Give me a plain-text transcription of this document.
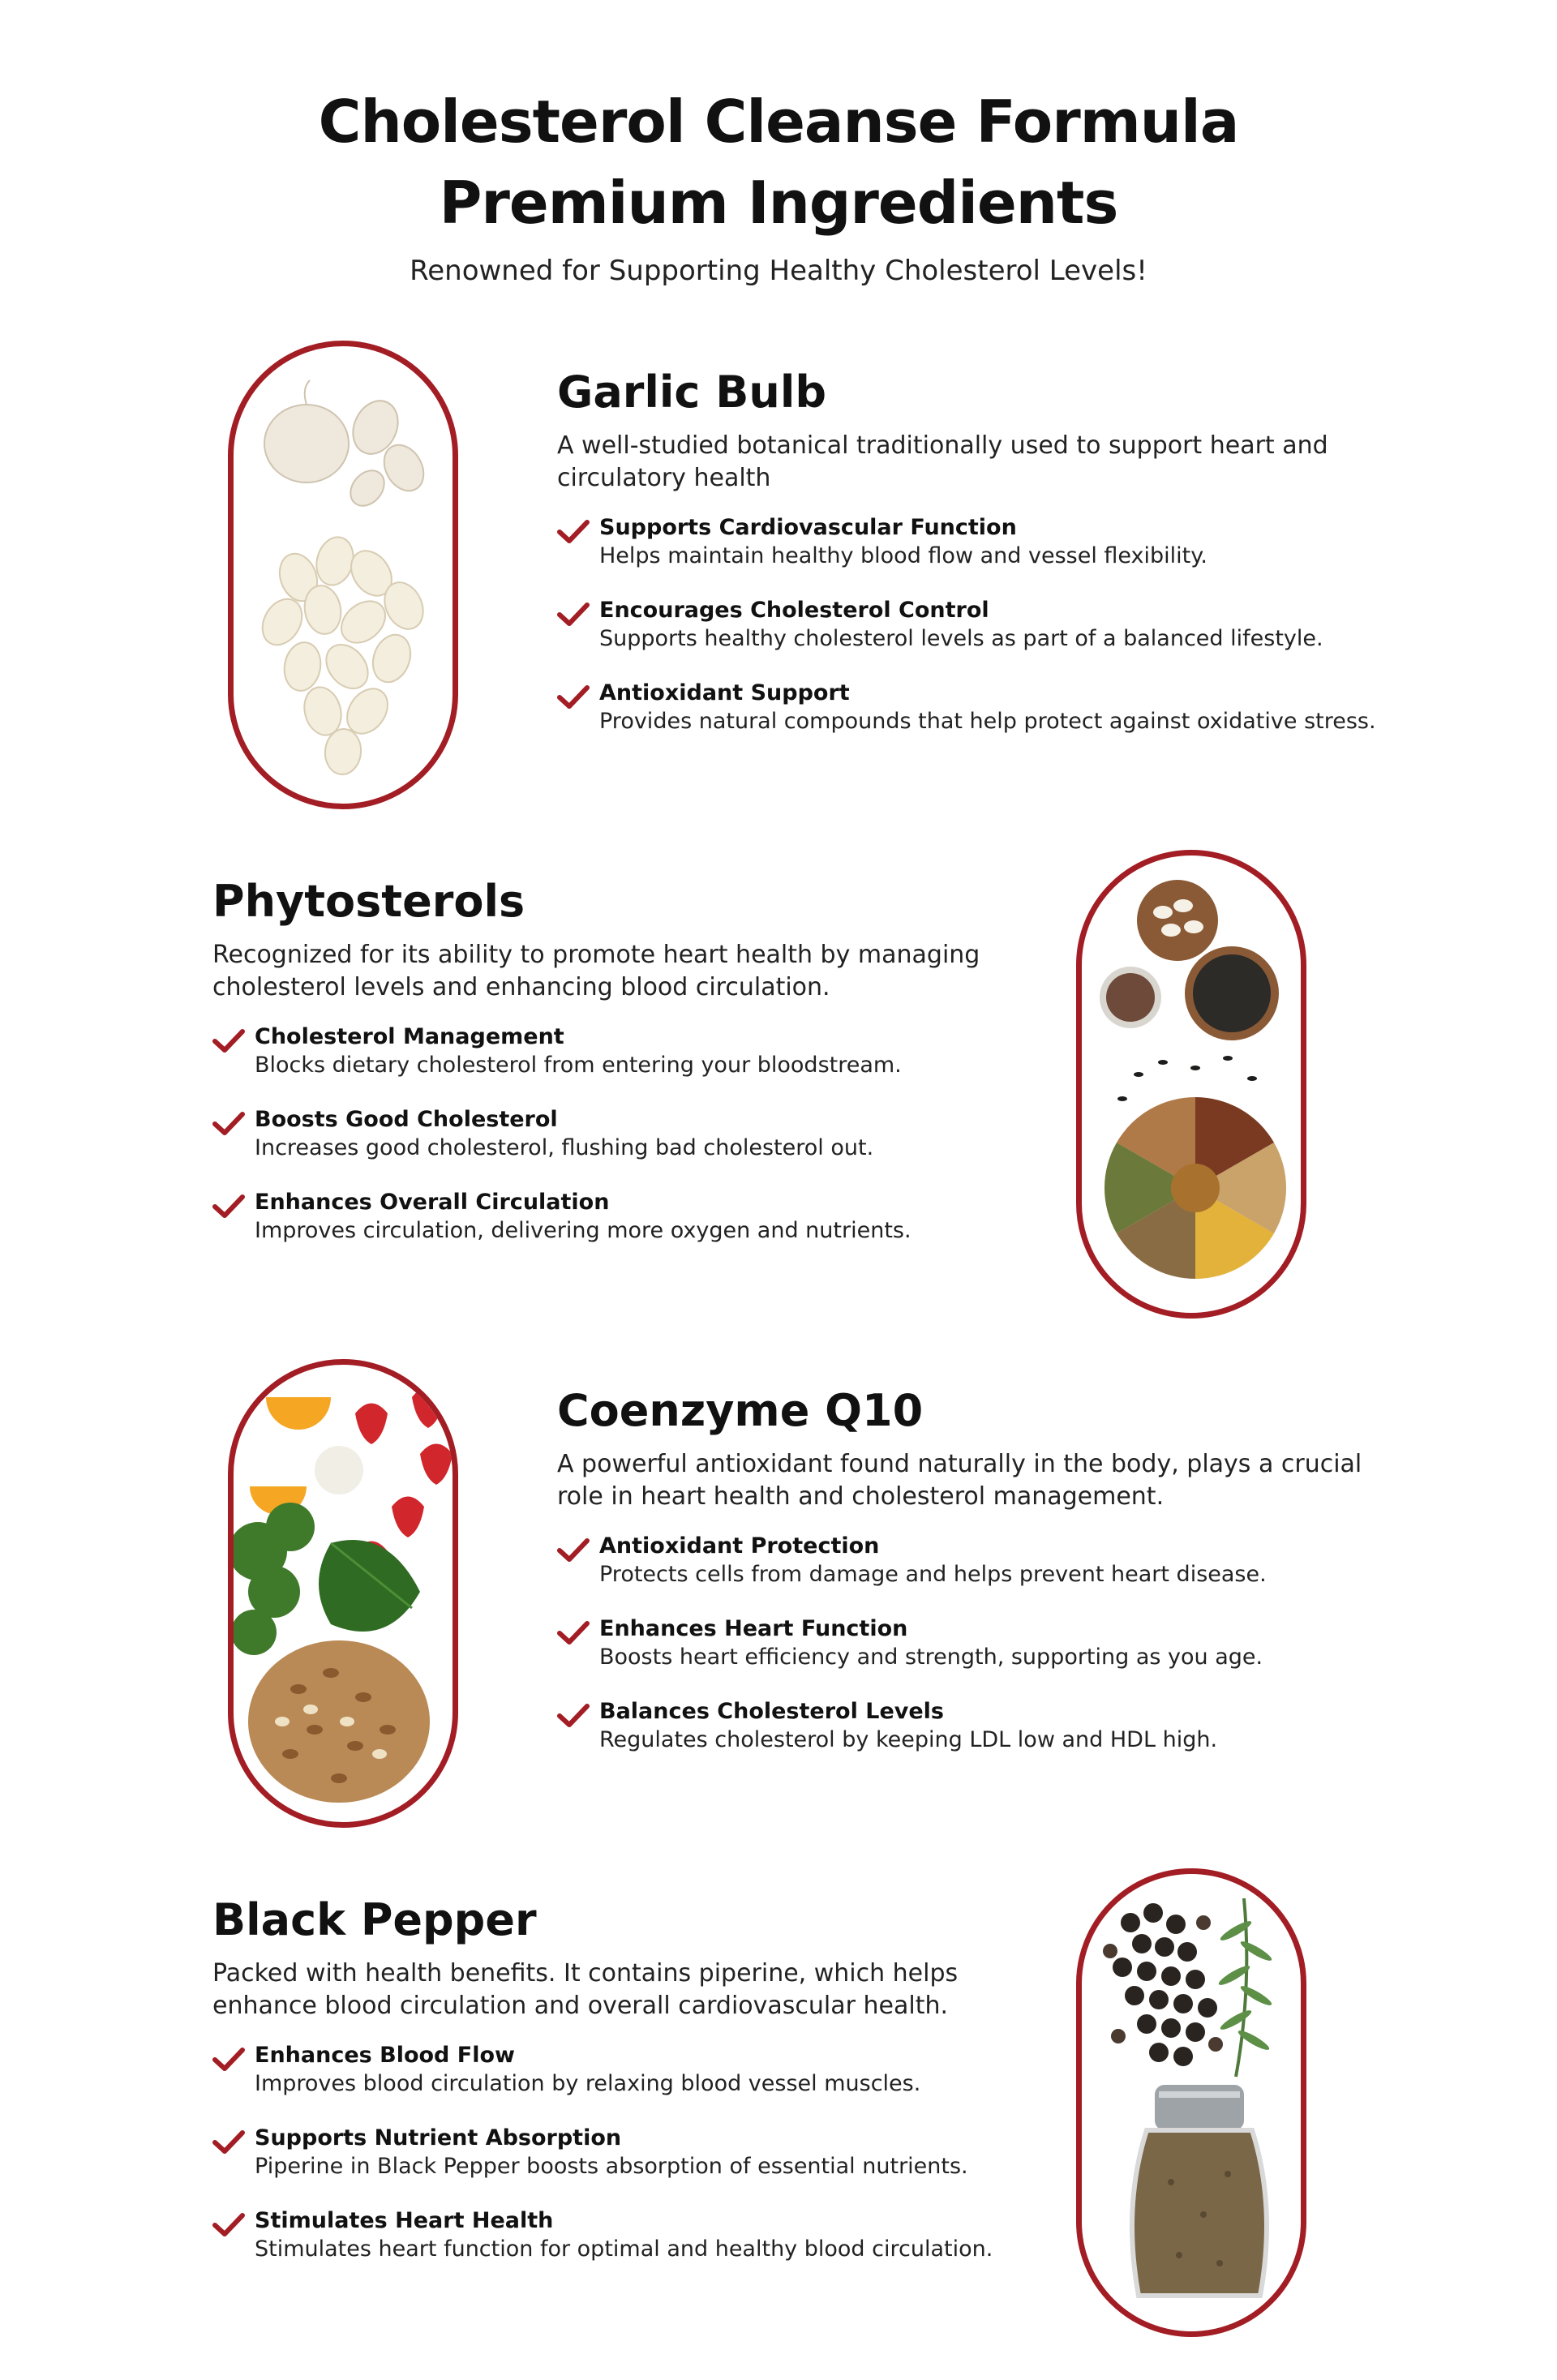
Cholesterol Cleanse Formula
Premium Ingredients
Renowned for Supporting Healthy Cholesterol Levels!
Garlic Bulb
A well-studied botanical traditionally used to support heart and circulatory health
Supports Cardiovascular Function
Helps maintain healthy blood flow and vessel flexibility.
Encourages Cholesterol Control
Supports healthy cholesterol levels as part of a balanced lifestyle.
Antioxidant Support
Provides natural compounds that help protect against oxidative stress.
Phytosterols
Recognized for its ability to promote heart health by managing cholesterol levels and enhancing blood circulation.
Cholesterol Management
Blocks dietary cholesterol from entering your bloodstream.
Boosts Good Cholesterol
Increases good cholesterol, flushing bad cholesterol out.
Enhances Overall Circulation
Improves circulation, delivering more oxygen and nutrients.
Coenzyme Q10
A powerful antioxidant found naturally in the body, plays a crucial role in heart health and cholesterol management.
Antioxidant Protection
Protects cells from damage and helps prevent heart disease.
Enhances Heart Function
Boosts heart efficiency and strength, supporting as you age.
Balances Cholesterol Levels
Regulates cholesterol by keeping LDL low and HDL high.
Black Pepper
Packed with health benefits. It contains piperine, which helps enhance blood circulation and overall cardiovascular health.
Enhances Blood Flow
Improves blood circulation by relaxing blood vessel muscles.
Supports Nutrient Absorption
Piperine in Black Pepper boosts absorption of essential nutrients.
Stimulates Heart Health
Stimulates heart function for optimal and healthy blood circulation.
